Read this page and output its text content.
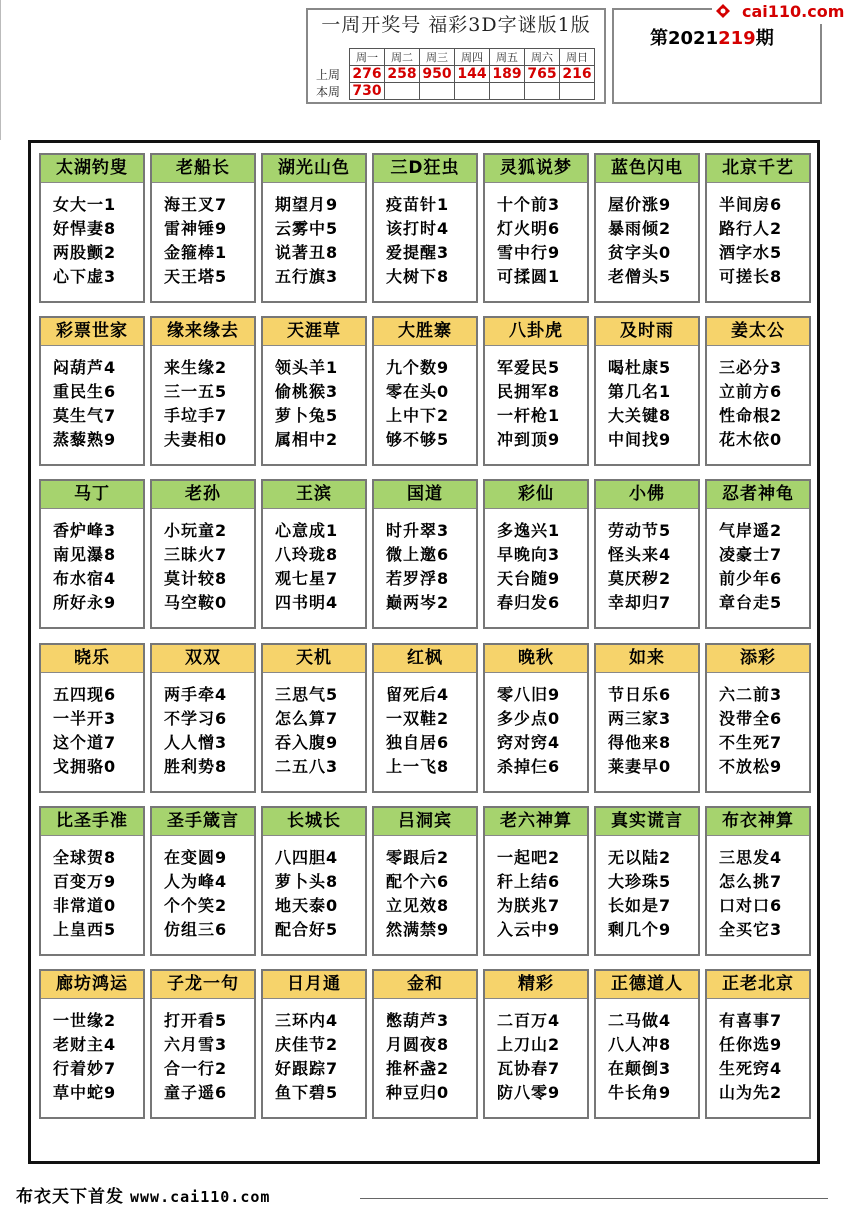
一周开奖号 福彩3D字谜版1版
	周一	周二	周三	周四	周五	周六	周日
上周	276	258	950	144	189	765	216
本周	730						
第2021219期
cai110.com
太湖钓叟
女大一1
好悍妻8
两股颤2
心下虚3
老船长
海王叉7
雷神锤9
金箍棒1
天王塔5
湖光山色
期望月9
云雾中5
说著丑8
五行旗3
三D狂虫
疫苗针1
该打时4
爱提醒3
大树下8
灵狐说梦
十个前3
灯火明6
雪中行9
可揉圆1
蓝色闪电
屋价涨9
暴雨倾2
贫字头0
老僧头5
北京千艺
半间房6
路行人2
酒字水5
可搓长8
彩票世家
闷葫芦4
重民生6
莫生气7
蒸藜熟9
缘来缘去
来生缘2
三一五5
手垃手7
夫妻相0
天涯草
领头羊1
偷桃猴3
萝卜兔5
属相中2
大胜寨
九个数9
零在头0
上中下2
够不够5
八卦虎
军爱民5
民拥军8
一杆枪1
冲到顶9
及时雨
喝杜康5
第几名1
大关键8
中间找9
姜太公
三必分3
立前方6
性命根2
花木依0
马丁
香炉峰3
南见瀑8
布水宿4
所好永9
老孙
小玩童2
三昧火7
莫计较8
马空鞍0
王滨
心意成1
八玲珑8
观七星7
四书明4
国道
时升翠3
微上邀6
若罗浮8
巅两岑2
彩仙
多逸兴1
早晚向3
天台随9
春归发6
小佛
劳动节5
怪头来4
莫厌秽2
幸却归7
忍者神龟
气岸遥2
凌豪士7
前少年6
章台走5
晓乐
五四现6
一半开3
这个道7
戈拥骆0
双双
两手牵4
不学习6
人人憎3
胜利势8
天机
三思气5
怎么算7
吞入腹9
二五八3
红枫
留死后4
一双鞋2
独自居6
上一飞8
晚秋
零八旧9
多少点0
窍对窍4
杀掉仨6
如来
节日乐6
两三家3
得他来8
莱妻早0
添彩
六二前3
没带全6
不生死7
不放松9
比圣手准
全球贺8
百变万9
非常道0
上皇西5
圣手箴言
在变圆9
人为峰4
个个笑2
仿组三6
长城长
八四胆4
萝卜头8
地天泰0
配合好5
吕洞宾
零跟后2
配个六6
立见效8
然满禁9
老六神算
一起吧2
秆上结6
为朕兆7
入云中9
真实谎言
无以陆2
大珍珠5
长如是7
剩几个9
布衣神算
三思发4
怎么挑7
口对口6
全买它3
廊坊鸿运
一世缘2
老财主4
行着妙7
草中蛇9
子龙一句
打开看5
六月雪3
合一行2
童子遥6
日月通
三环内4
庆佳节2
好跟踪7
鱼下碧5
金和
憋葫芦3
月圆夜8
推杯盏2
种豆归0
精彩
二百万4
上刀山2
瓦协春7
防八零9
正德道人
二马做4
八人冲8
在颠倒3
牛长角9
正老北京
有喜事7
任你选9
生死窍4
山为先2
布衣天下首发 www.cai110.com
